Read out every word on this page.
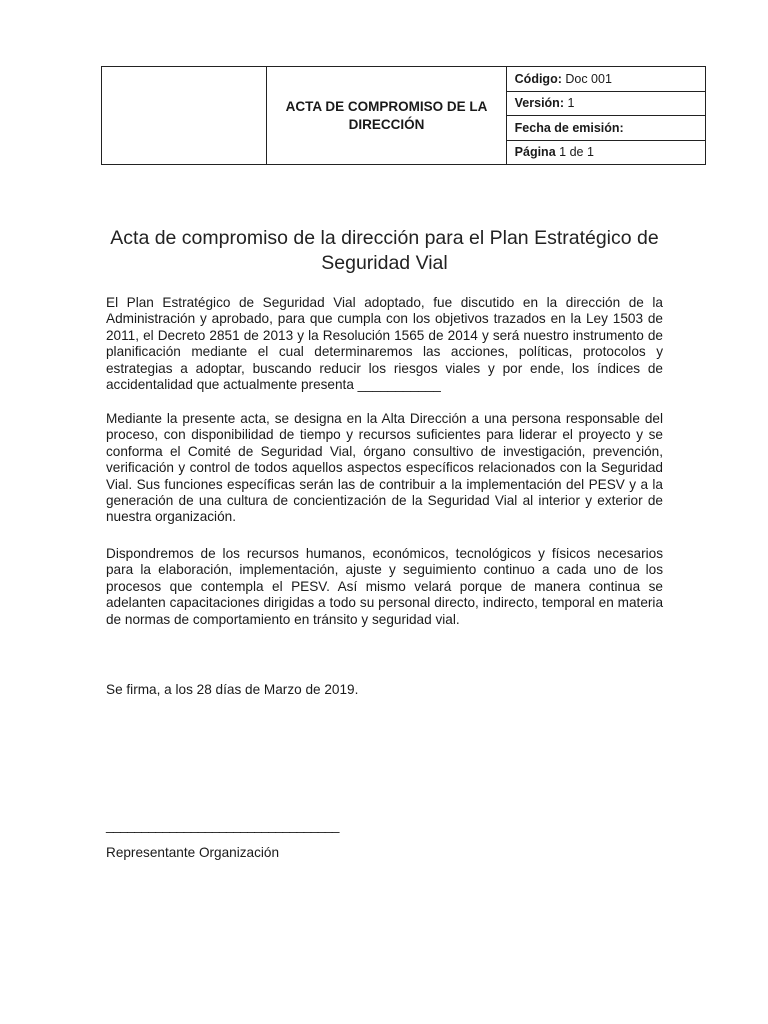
	ACTA DE COMPROMISO DE LA DIRECCIÓN	Código: Doc 001
Versión: 1
Fecha de emisión:
Página 1 de 1
Acta de compromiso de la dirección para el Plan Estratégico de Seguridad Vial

El Plan Estratégico de Seguridad Vial adoptado, fue discutido en la dirección de la Administración y aprobado, para que cumpla con los objetivos trazados en la Ley 1503 de 2011, el Decreto 2851 de 2013 y la Resolución 1565 de 2014 y será nuestro instrumento de planificación mediante el cual determinaremos las acciones, políticas, protocolos y estrategias a adoptar, buscando reducir los riesgos viales y por ende, los índices de accidentalidad que actualmente presenta ___________

Mediante la presente acta, se designa en la Alta Dirección a una persona responsable del proceso, con disponibilidad de tiempo y recursos suficientes para liderar el proyecto y se conforma el Comité de Seguridad Vial, órgano consultivo de investigación, prevención, verificación y control de todos aquellos aspectos específicos relacionados con la Seguridad Vial. Sus funciones específicas serán las de contribuir a la implementación del PESV y a la generación de una cultura de concientización de la Seguridad Vial al interior y exterior de nuestra organización.

Dispondremos de los recursos humanos, económicos, tecnológicos y físicos necesarios para la elaboración, implementación, ajuste y seguimiento continuo a cada uno de los procesos que contempla el PESV. Así mismo velará porque de manera continua se adelanten capacitaciones dirigidas a todo su personal directo, indirecto, temporal en materia de normas de comportamiento en tránsito y seguridad vial.

Se firma, a los 28 días de Marzo de 2019.

_________________________________

Representante Organización
